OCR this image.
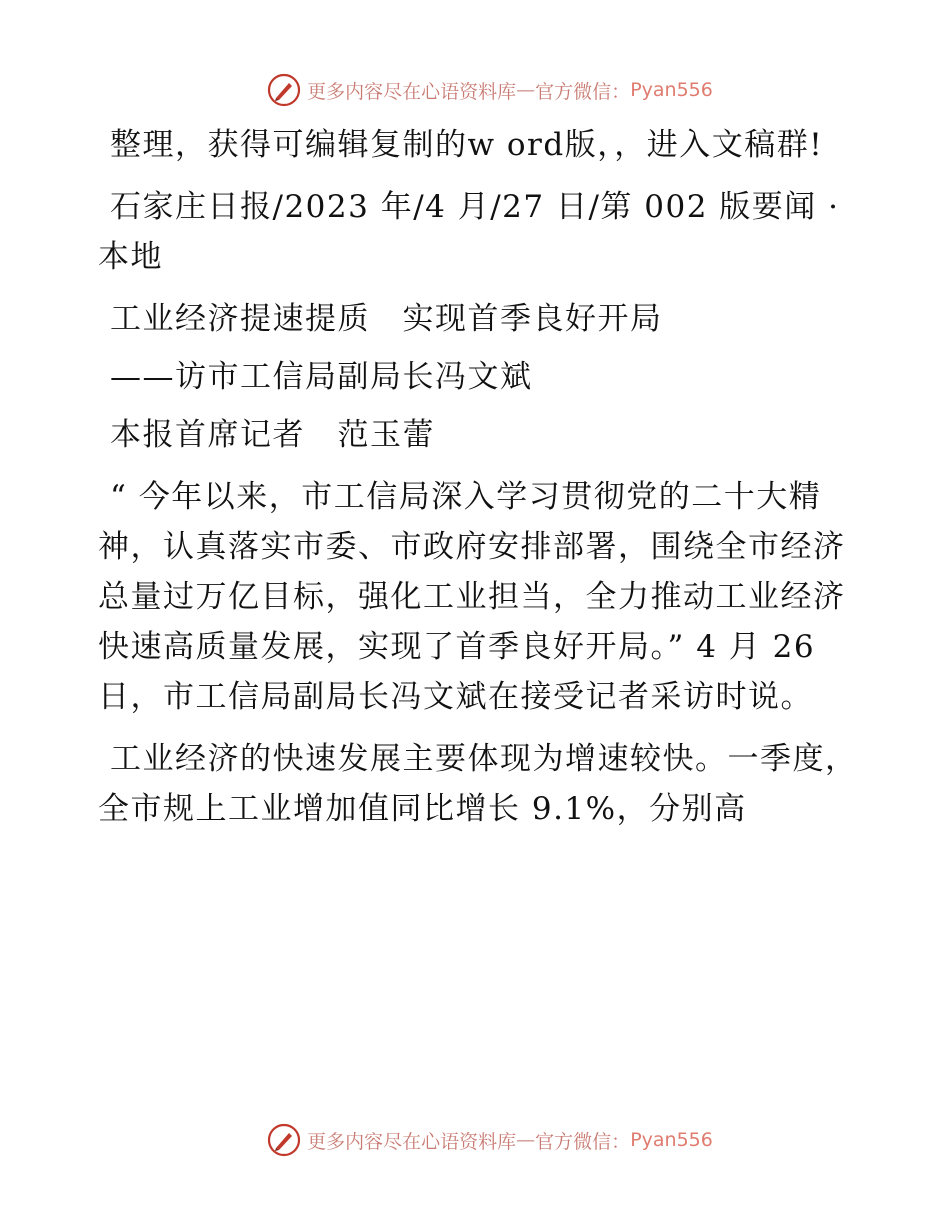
更多内容尽在心语资料库 — 官方微信： Pyan556

整理，获得可编辑复制的w ord版，，进入文稿群!

石家庄日报/2023 年/4 月/27 日/第 002 版要闻 · 本地

工业经济提速提质　实现首季良好开局

——访市工信局副局长冯文斌

本报首席记者　范玉蕾

“ 今年以来，市工信局深入学习贯彻党的二十大精神，认真落实市委、市政府安排部署，围绕全市经济总量过万亿目标，强化工业担当，全力推动工业经济快速高质量发展，实现了首季良好开局。” 4 月 26 日，市工信局副局长冯文斌在接受记者采访时说。

工业经济的快速发展主要体现为增速较快。一季度，全市规上工业增加值同比增长 9.1%，分别高

更多内容尽在心语资料库 — 官方微信： Pyan556
